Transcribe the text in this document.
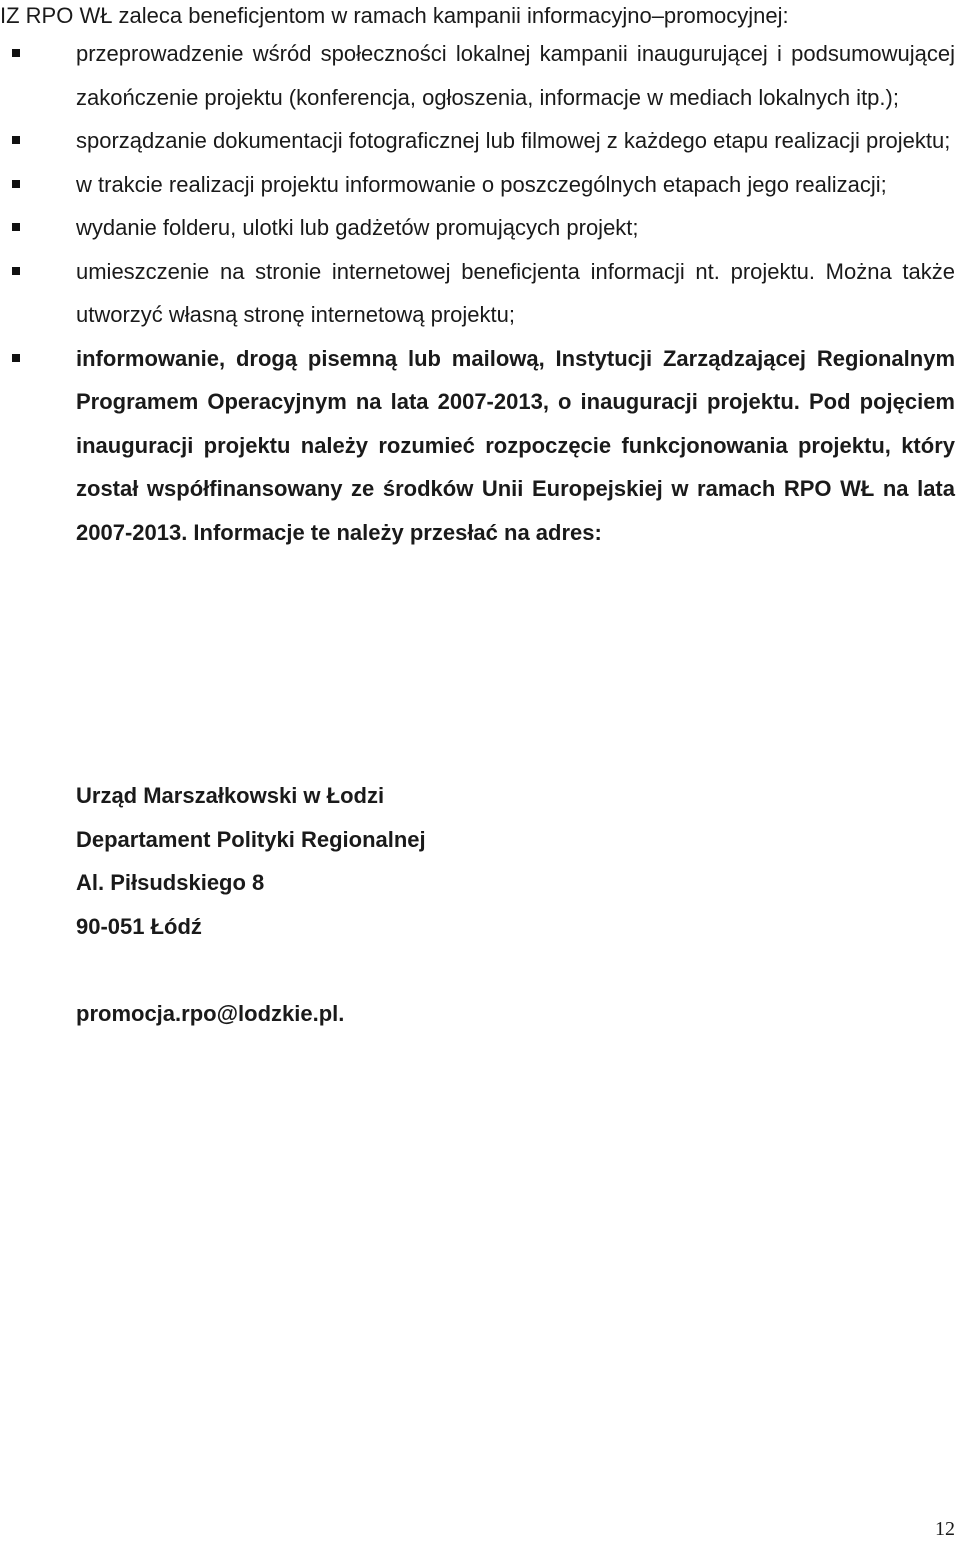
IZ RPO WŁ zaleca beneficjentom w ramach kampanii informacyjno–promocyjnej:

przeprowadzenie wśród społeczności lokalnej kampanii inaugurującej i podsumowującej zakończenie projektu (konferencja, ogłoszenia, informacje w mediach lokalnych itp.);
sporządzanie dokumentacji fotograficznej lub filmowej z każdego etapu realizacji projektu;
w trakcie realizacji projektu informowanie o poszczególnych etapach jego realizacji;
wydanie folderu, ulotki lub gadżetów promujących projekt;
umieszczenie na stronie internetowej beneficjenta informacji nt. projektu. Można także utworzyć własną stronę internetową projektu;
informowanie, drogą pisemną lub mailową, Instytucji Zarządzającej Regionalnym Programem Operacyjnym na lata 2007-2013, o inauguracji projektu. Pod pojęciem inauguracji projektu należy rozumieć rozpoczęcie funkcjonowania projektu, który został współfinansowany ze środków Unii Europejskiej w ramach RPO WŁ na lata 2007-2013. Informacje te należy przesłać na adres:
Urząd Marszałkowski w Łodzi
Departament Polityki Regionalnej
Al. Piłsudskiego 8
90-051 Łódź
promocja.rpo@lodzkie.pl.
12
